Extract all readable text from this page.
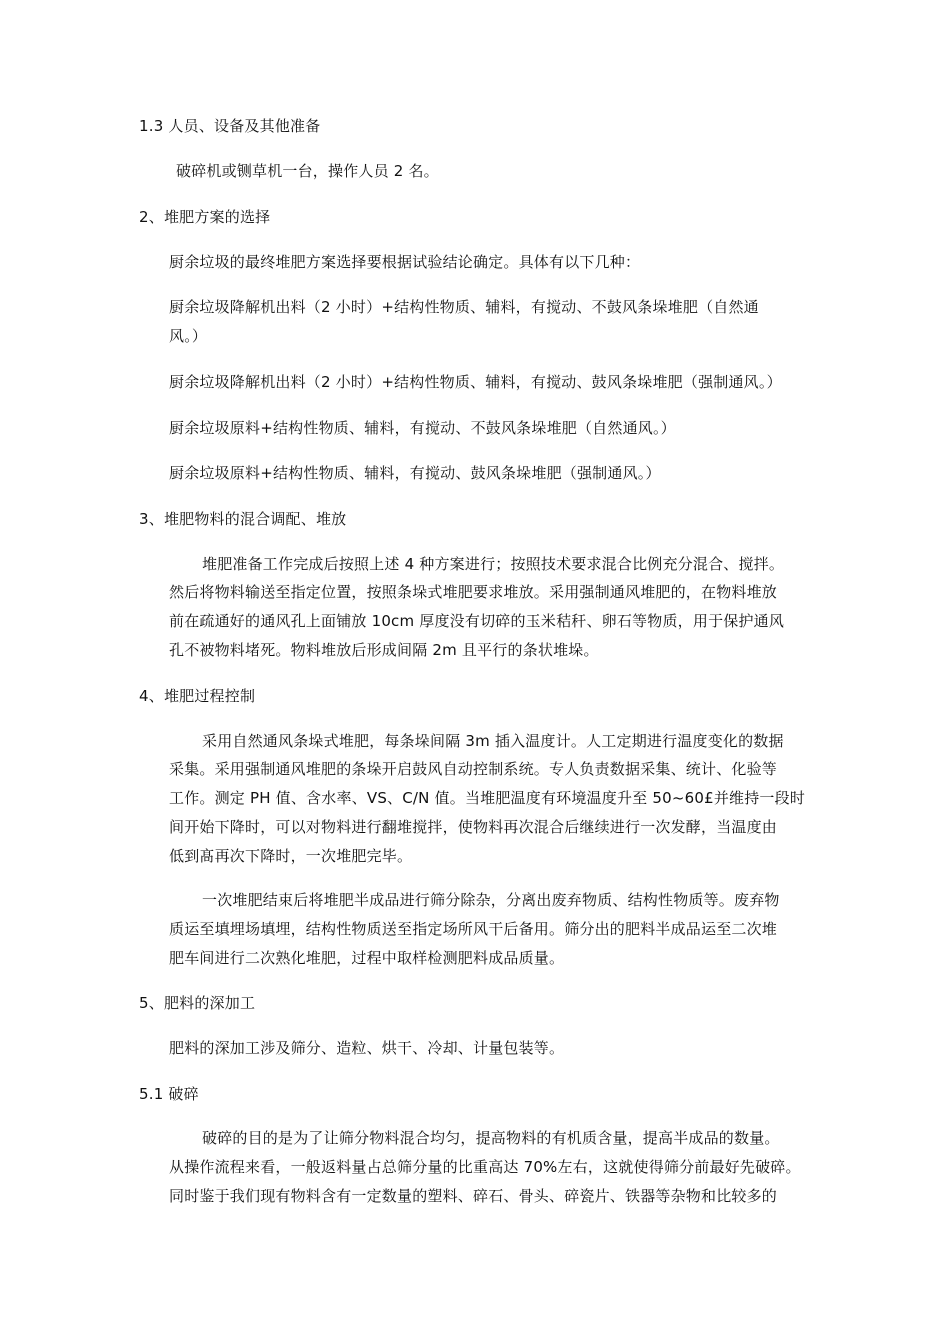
1.3 人员、设备及其他准备
破碎机或铡草机一台，操作人员 2 名。
2、堆肥方案的选择
厨余垃圾的最终堆肥方案选择要根据试验结论确定。具体有以下几种：
厨余垃圾降解机出料（2 小时）+结构性物质、辅料，有搅动、不鼓风条垛堆肥（自然通
风。）
厨余垃圾降解机出料（2 小时）+结构性物质、辅料，有搅动、鼓风条垛堆肥（强制通风。）
厨余垃圾原料+结构性物质、辅料，有搅动、不鼓风条垛堆肥（自然通风。）
厨余垃圾原料+结构性物质、辅料，有搅动、鼓风条垛堆肥（强制通风。）
3、堆肥物料的混合调配、堆放
堆肥准备工作完成后按照上述 4 种方案进行；按照技术要求混合比例充分混合、搅拌。
然后将物料输送至指定位置，按照条垛式堆肥要求堆放。采用强制通风堆肥的，在物料堆放
前在疏通好的通风孔上面铺放 10cm 厚度没有切碎的玉米秸秆、卵石等物质，用于保护通风
孔不被物料堵死。物料堆放后形成间隔 2m 且平行的条状堆垛。
4、堆肥过程控制
采用自然通风条垛式堆肥，每条垛间隔 3m 插入温度计。人工定期进行温度变化的数据
采集。采用强制通风堆肥的条垛开启鼓风自动控制系统。专人负责数据采集、统计、化验等
工作。测定 PH 值、含水率、VS、C/N 值。当堆肥温度有环境温度升至 50~60£并维持一段时
间开始下降时，可以对物料进行翻堆搅拌，使物料再次混合后继续进行一次发酵，当温度由
低到髙再次下降时，一次堆肥完毕。
一次堆肥结束后将堆肥半成品进行筛分除杂，分离出废弃物质、结构性物质等。废弃物
质运至填埋场填埋，结构性物质送至指定场所风干后备用。筛分出的肥料半成品运至二次堆
肥车间进行二次熟化堆肥，过程中取样检测肥料成品质量。
5、肥料的深加工
肥料的深加工涉及筛分、造粒、烘干、冷却、计量包装等。
5.1 破碎
破碎的目的是为了让筛分物料混合均匀，提高物料的有机质含量，提高半成品的数量。
从操作流程来看，一般返料量占总筛分量的比重高达 70%左右，这就使得筛分前最好先破碎。
同时鉴于我们现有物料含有一定数量的塑料、碎石、骨头、碎瓷片、铁器等杂物和比较多的
